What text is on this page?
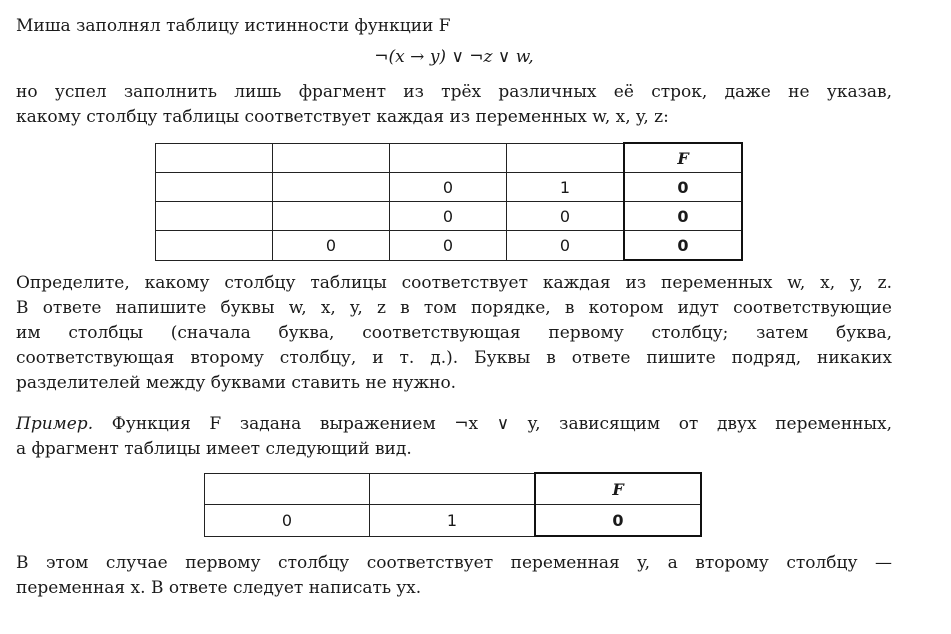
Миша заполнял таблицу истинности функции F

¬(x → y) ∨ ¬z ∨ w,

но успел заполнить лишь фрагмент из трёх различных её строк, даже не указав,
какому столбцу таблицы соответствует каждая из переменных w, x, y, z:

				F
		0	1	0
		0	0	0
	0	0	0	0

Определите, какому столбцу таблицы соответствует каждая из переменных w, x, y, z.
В ответе напишите буквы w, x, y, z в том порядке, в котором идут соответствующие
им столбцы (сначала буква, соответствующая первому столбцу; затем буква,
соответствующая второму столбцу, и т. д.). Буквы в ответе пишите подряд, никаких
разделителей между буквами ставить не нужно.

Пример. Функция F задана выражением ¬x ∨ y, зависящим от двух переменных,
а фрагмент таблицы имеет следующий вид.

		F
0	1	0

В этом случае первому столбцу соответствует переменная y, а второму столбцу —
переменная x. В ответе следует написать yx.
